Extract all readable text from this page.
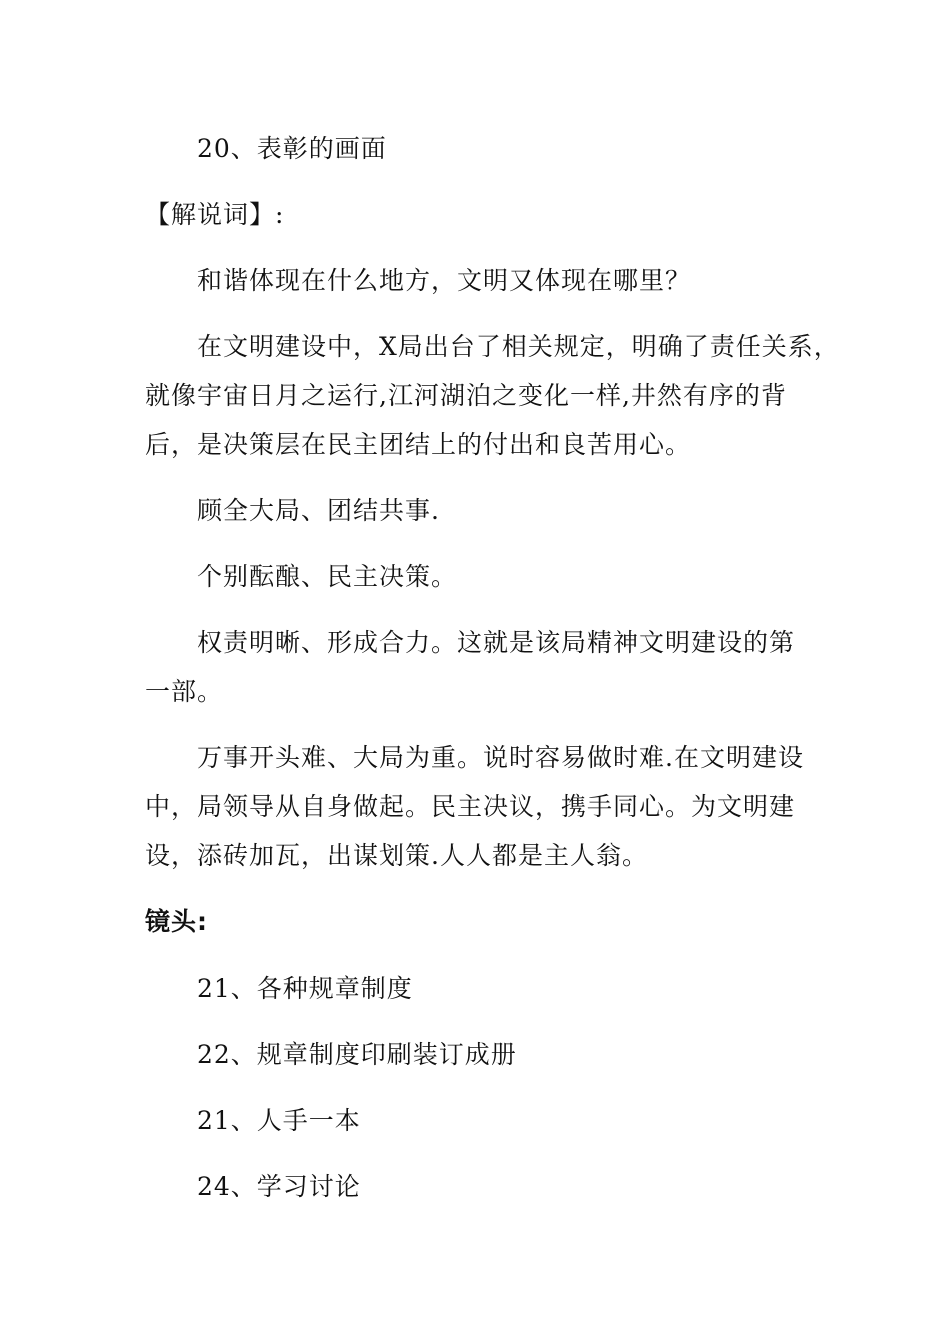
20、表彰的画面
【解说词】:
和谐体现在什么地方，文明又体现在哪里？
在文明建设中，X局出台了相关规定，明确了责任关系，
就像宇宙日月之运行,江河湖泊之变化一样,井然有序的背
后，是决策层在民主团结上的付出和良苦用心。
顾全大局、团结共事.
个别酝酿、民主决策。
权责明晰、形成合力。这就是该局精神文明建设的第
一部。
万事开头难、大局为重。说时容易做时难.在文明建设
中，局领导从自身做起。民主决议，携手同心。为文明建
设，添砖加瓦，出谋划策.人人都是主人翁。
镜头:
21、各种规章制度
22、规章制度印刷装订成册
21、人手一本
24、学习讨论
